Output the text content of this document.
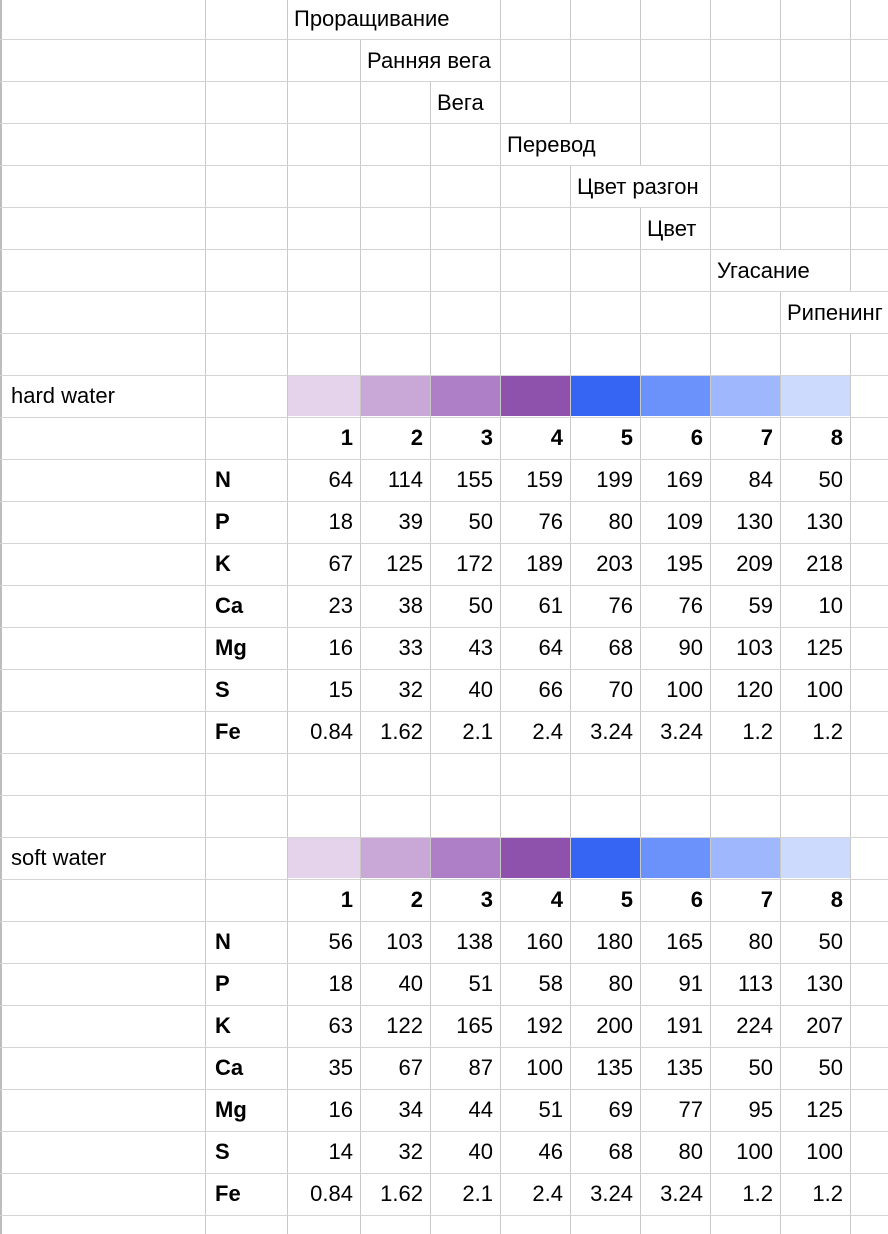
Проращивание
Ранняя вега
Вега
Перевод
Цвет разгон
Цвет
Угасание
Рипенинг
hard water
1	2	3	4	5	6	7	8
N	64	114	155	159	199	169	84	50
P	18	39	50	76	80	109	130	130
K	67	125	172	189	203	195	209	218
Ca	23	38	50	61	76	76	59	10
Mg	16	33	43	64	68	90	103	125
S	15	32	40	66	70	100	120	100
Fe	0.84	1.62	2.1	2.4	3.24	3.24	1.2	1.2
soft water
1	2	3	4	5	6	7	8
N	56	103	138	160	180	165	80	50
P	18	40	51	58	80	91	113	130
K	63	122	165	192	200	191	224	207
Ca	35	67	87	100	135	135	50	50
Mg	16	34	44	51	69	77	95	125
S	14	32	40	46	68	80	100	100
Fe	0.84	1.62	2.1	2.4	3.24	3.24	1.2	1.2
